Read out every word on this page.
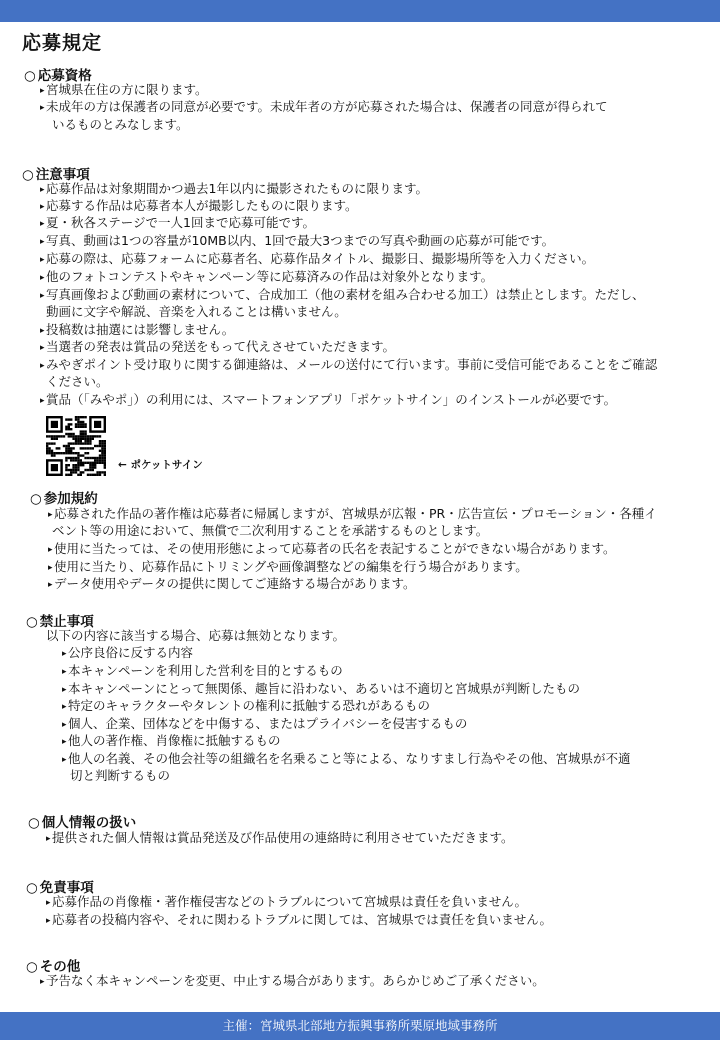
応募規定
○ 応募資格
▸宮城県在住の方に限ります。
▸未成年の方は保護者の同意が必要です。未成年者の方が応募された場合は、保護者の同意が得られて
いるものとみなします。
○ 注意事項
▸応募作品は対象期間かつ過去1年以内に撮影されたものに限ります。
▸応募する作品は応募者本人が撮影したものに限ります。
▸夏・秋各ステージで一人1回まで応募可能です。
▸写真、動画は1つの容量が10MB以内、1回で最大3つまでの写真や動画の応募が可能です。
▸応募の際は、応募フォームに応募者名、応募作品タイトル、撮影日、撮影場所等を入力ください。
▸他のフォトコンテストやキャンペーン等に応募済みの作品は対象外となります。
▸写真画像および動画の素材について、合成加工（他の素材を組み合わせる加工）は禁止とします。ただし、
動画に文字や解説、音楽を入れることは構いません。
▸投稿数は抽選には影響しません。
▸当選者の発表は賞品の発送をもって代えさせていただきます。
▸みやぎポイント受け取りに関する御連絡は、メールの送付にて行います。事前に受信可能であることをご確認
ください。
▸賞品（「みやポ」）の利用には、スマートフォンアプリ「ポケットサイン」のインストールが必要です。
← ポケットサイン
○ 参加規約
▸応募された作品の著作権は応募者に帰属しますが、宮城県が広報・PR・広告宣伝・プロモーション・各種イ
ベント等の用途において、無償で二次利用することを承諾するものとします。
▸使用に当たっては、その使用形態によって応募者の氏名を表記することができない場合があります。
▸使用に当たり、応募作品にトリミングや画像調整などの編集を行う場合があります。
▸データ使用やデータの提供に関してご連絡する場合があります。
○ 禁止事項
以下の内容に該当する場合、応募は無効となります。
▸公序良俗に反する内容
▸本キャンペーンを利用した営利を目的とするもの
▸本キャンペーンにとって無関係、趣旨に沿わない、あるいは不適切と宮城県が判断したもの
▸特定のキャラクターやタレントの権利に抵触する恐れがあるもの
▸個人、企業、団体などを中傷する、またはプライバシーを侵害するもの
▸他人の著作権、肖像権に抵触するもの
▸他人の名義、その他会社等の組織名を名乗ること等による、なりすまし行為やその他、宮城県が不適
切と判断するもの
○ 個人情報の扱い
▸提供された個人情報は賞品発送及び作品使用の連絡時に利用させていただきます。
○ 免責事項
▸応募作品の肖像権・著作権侵害などのトラブルについて宮城県は責任を負いません。
▸応募者の投稿内容や、それに関わるトラブルに関しては、宮城県では責任を負いません。
○ その他
▸予告なく本キャンペーンを変更、中止する場合があります。あらかじめご了承ください。
主催：宮城県北部地方振興事務所栗原地域事務所
